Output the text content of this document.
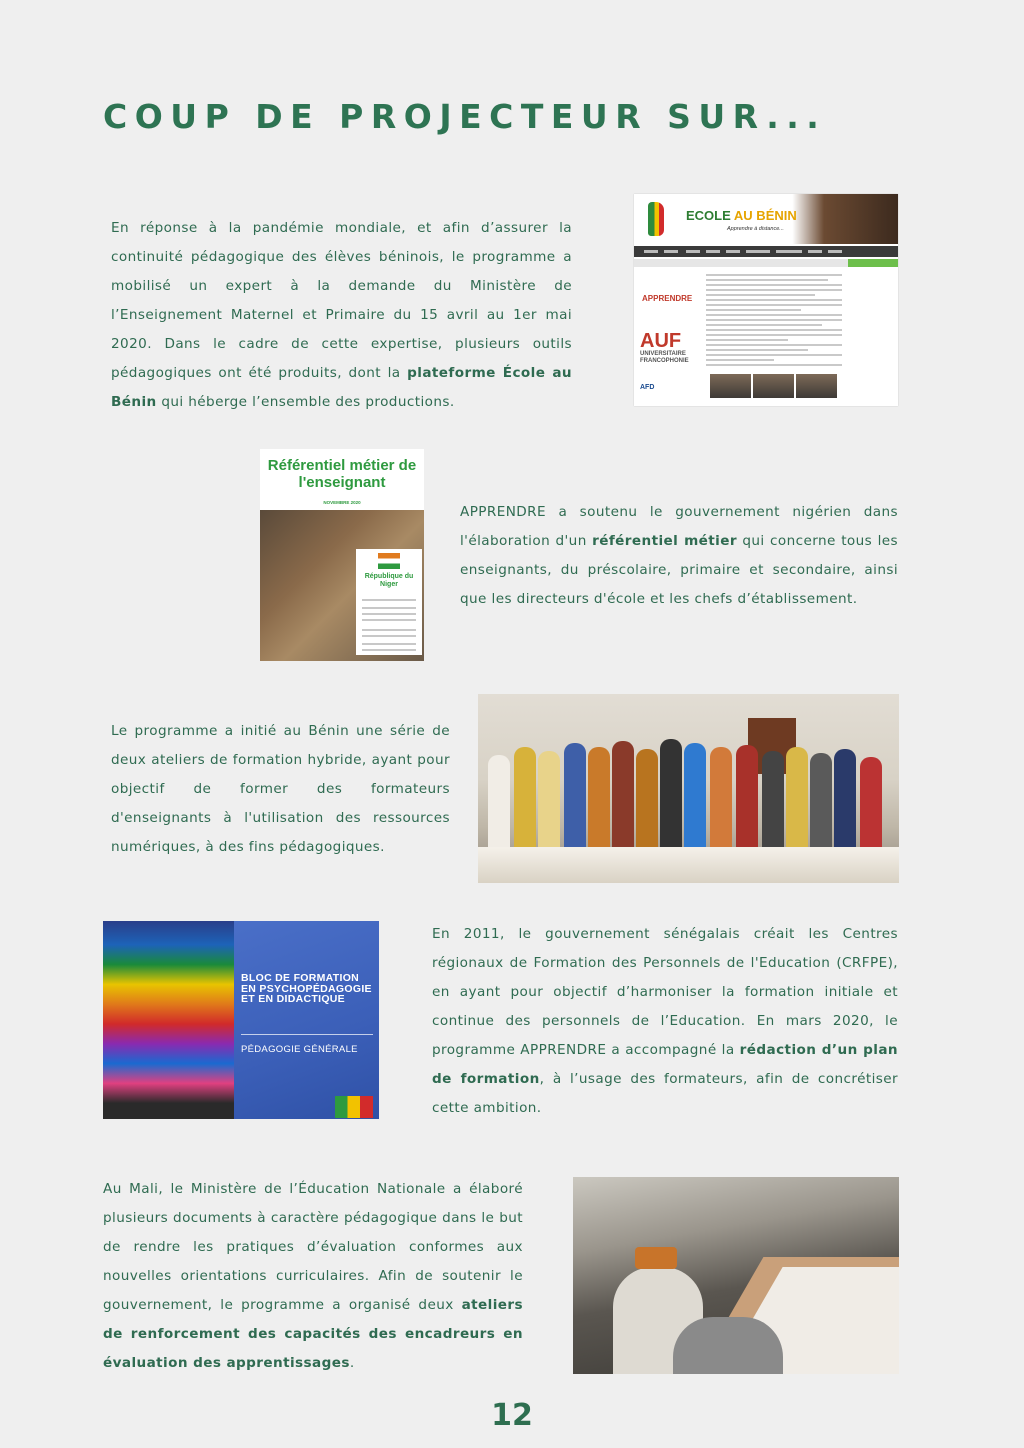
COUP DE PROJECTEUR SUR...
En réponse à la pandémie mondiale, et afin d’assurer la continuité pédagogique des élèves béninois, le programme a mobilisé un expert à la demande du Ministère de l’Enseignement Maternel et Primaire du 15 avril au 1er mai 2020. Dans le cadre de cette expertise, plusieurs outils pédagogiques ont été produits, dont la plateforme École au Bénin qui héberge l’ensemble des productions.
ECOLE AU BÉNIN
Apprendre à distance...
APPRENDRE
AUF
UNIVERSITAIRE FRANCOPHONIE
AFD
Référentiel métier de l'enseignant
NOVEMBRE 2020
République du Niger
APPRENDRE a soutenu le gouvernement nigérien dans l'élaboration d'un référentiel métier qui concerne tous les enseignants, du préscolaire, primaire et secondaire, ainsi que les directeurs d'école et les chefs d’établissement.
Le programme a initié au Bénin une série de deux ateliers de formation hybride, ayant pour objectif de former des formateurs d'enseignants à l'utilisation des ressources numériques, à des fins pédagogiques.
BLOC DE FORMATION EN PSYCHOPÉDAGOGIE ET EN DIDACTIQUE
PÉDAGOGIE GÉNÉRALE
En 2011, le gouvernement sénégalais créait les Centres régionaux de Formation des Personnels de l'Education (CRFPE), en ayant pour objectif d’harmoniser la formation initiale et continue des personnels de l’Education. En mars 2020, le programme APPRENDRE a accompagné la rédaction d’un plan de formation, à l’usage des formateurs, afin de concrétiser cette ambition.
Au Mali, le Ministère de l’Éducation Nationale a élaboré plusieurs documents à caractère pédagogique dans le but de rendre les pratiques d’évaluation conformes aux nouvelles orientations curriculaires. Afin de soutenir le gouvernement, le programme a organisé deux ateliers de renforcement des capacités des encadreurs en évaluation des apprentissages.
12
